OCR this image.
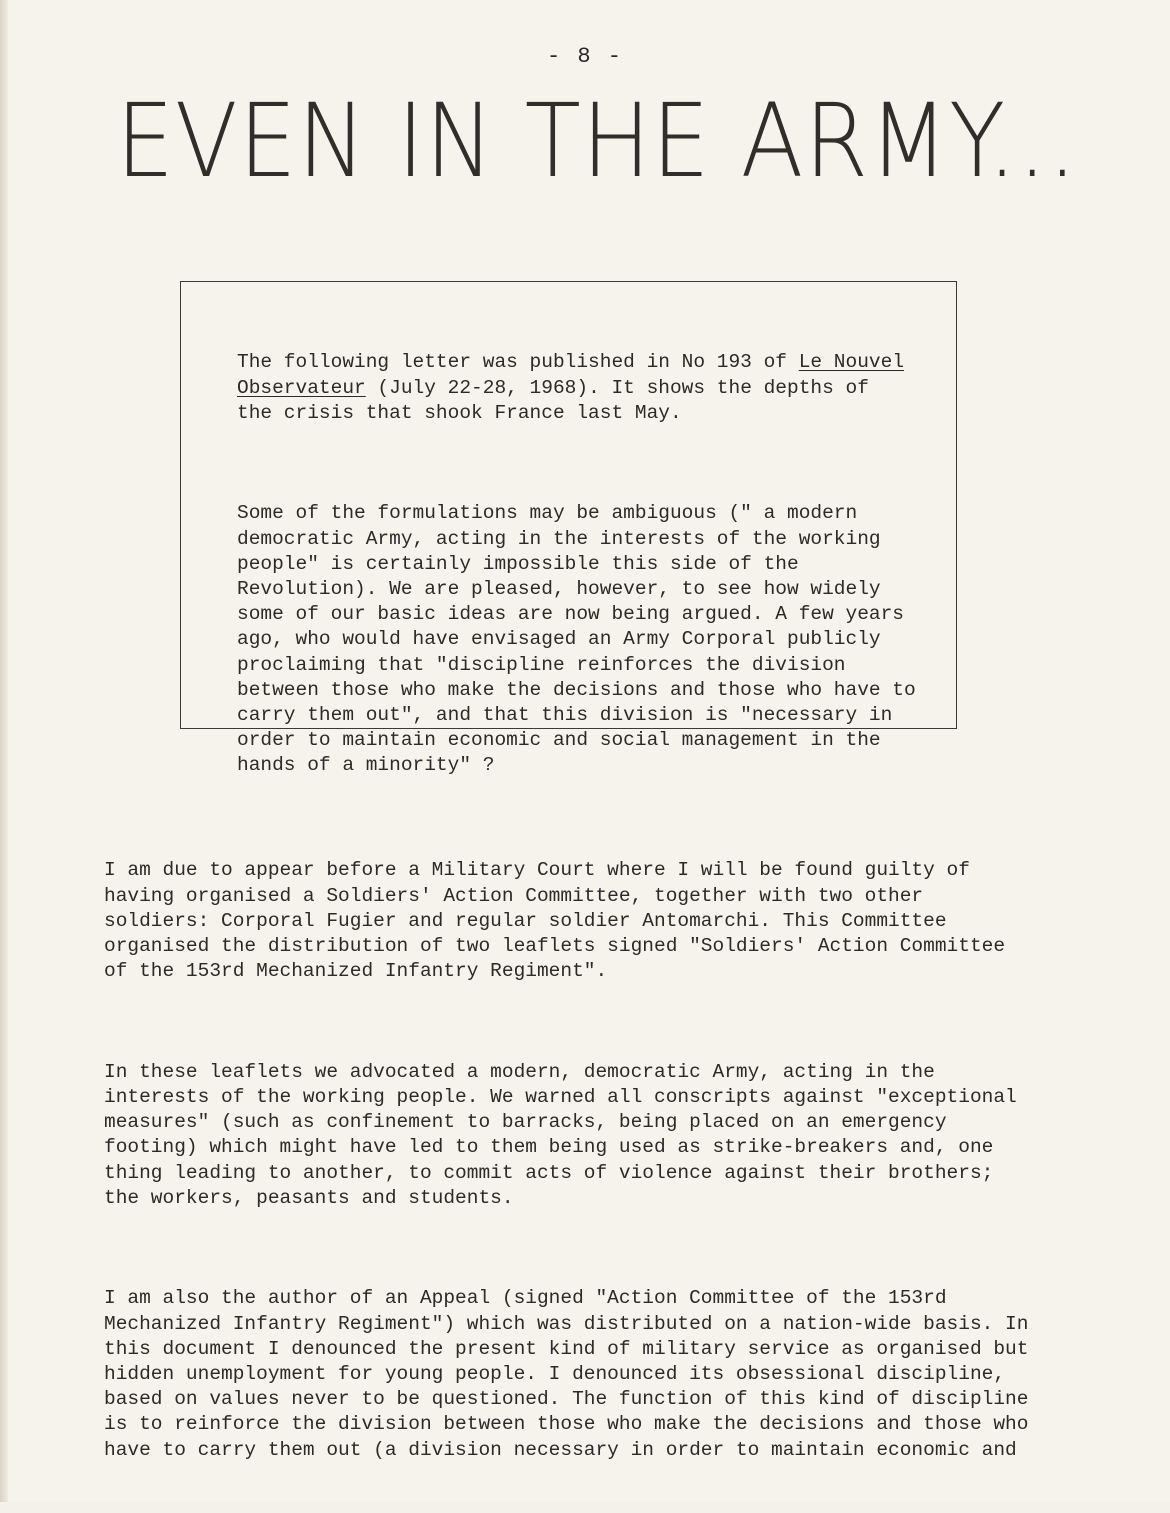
- 8 -
EVEN IN THE ARMY...

The following letter was published in No 193 of Le Nouvel
Observateur (July 22-28, 1968). It shows the depths of
the crisis that shook France last May.

Some of the formulations may be ambiguous (" a modern
democratic Army, acting in the interests of the working
people" is certainly impossible this side of the
Revolution). We are pleased, however, to see how widely
some of our basic ideas are now being argued. A few years
ago, who would have envisaged an Army Corporal publicly
proclaiming that "discipline reinforces the division
between those who make the decisions and those who have to
carry them out", and that this division is "necessary in
order to maintain economic and social management in the
hands of a minority" ?

I am due to appear before a Military Court where I will be found guilty of
having organised a Soldiers' Action Committee, together with two other
soldiers: Corporal Fugier and regular soldier Antomarchi. This Committee
organised the distribution of two leaflets signed "Soldiers' Action Committee
of the 153rd Mechanized Infantry Regiment".

In these leaflets we advocated a modern, democratic Army, acting in the
interests of the working people. We warned all conscripts against "exceptional
measures" (such as confinement to barracks, being placed on an emergency
footing) which might have led to them being used as strike-breakers and, one
thing leading to another, to commit acts of violence against their brothers;
the workers, peasants and students.

I am also the author of an Appeal (signed "Action Committee of the 153rd
Mechanized Infantry Regiment") which was distributed on a nation-wide basis. In
this document I denounced the present kind of military service as organised but
hidden unemployment for young people. I denounced its obsessional discipline,
based on values never to be questioned. The function of this kind of discipline
is to reinforce the division between those who make the decisions and those who
have to carry them out (a division necessary in order to maintain economic and
